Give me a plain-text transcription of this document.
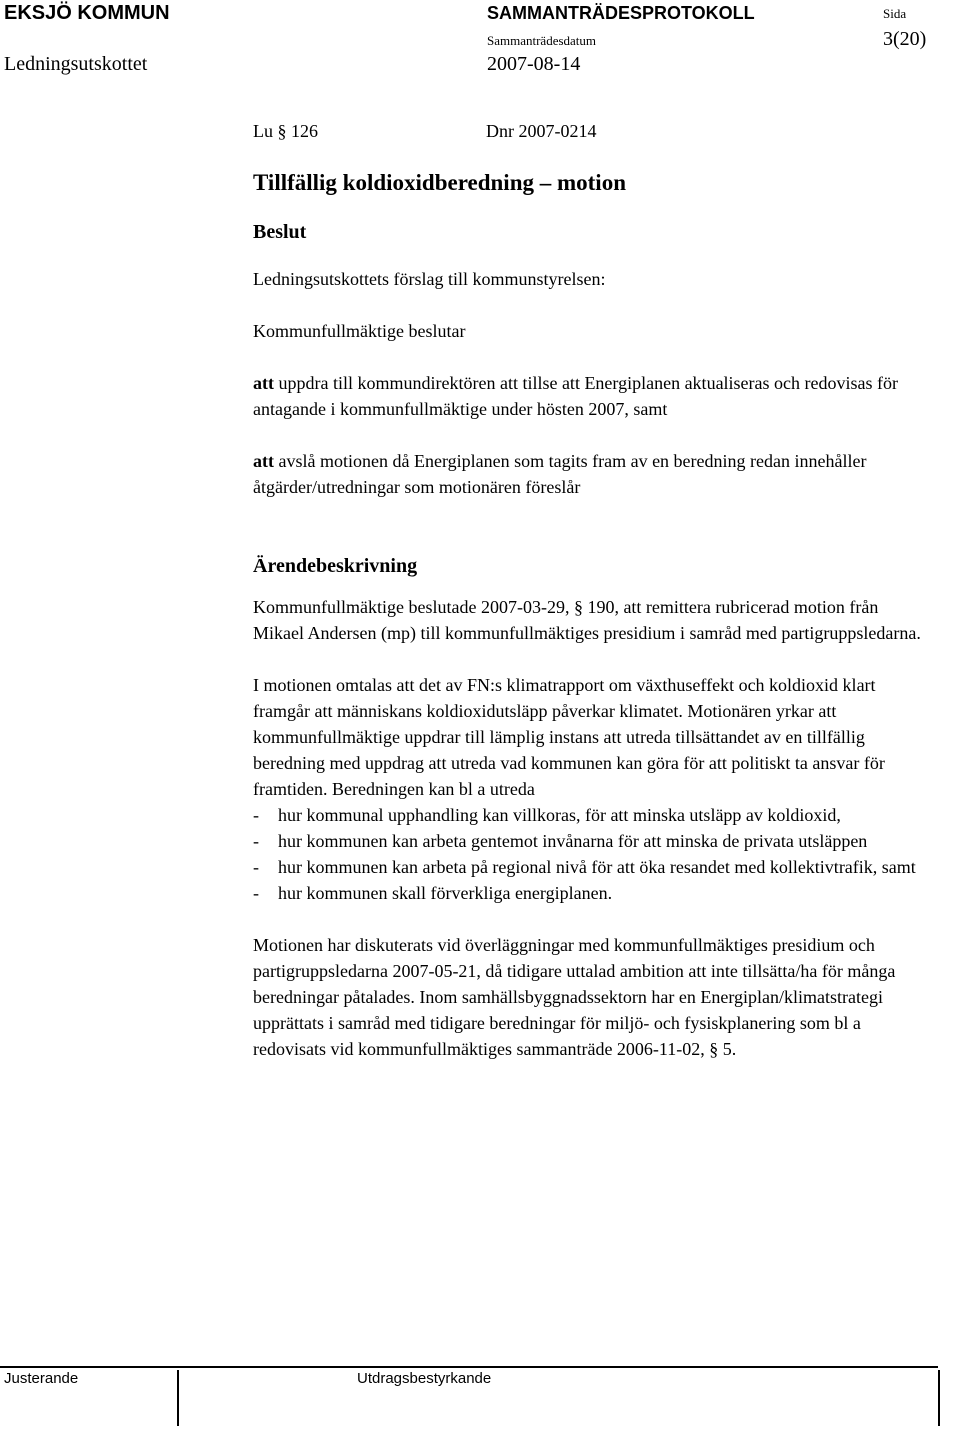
EKSJÖ KOMMUN	SAMMANTRÄDESPROTOKOLL	Sida
3(20)
Ledningsutskottet
Sammanträdesdatum
2007-08-14

Lu § 126	Dnr 2007-0214

Tillfällig koldioxidberedning – motion
Beslut

Ledningsutskottets förslag till kommunstyrelsen:

Kommunfullmäktige beslutar

att uppdra till kommundirektören att tillse att Energiplanen aktualiseras och redovisas för antagande i kommunfullmäktige under hösten 2007, samt

att avslå motionen då Energiplanen som tagits fram av en beredning redan innehåller åtgärder/utredningar som motionären föreslår

Ärendebeskrivning

Kommunfullmäktige beslutade 2007-03-29, § 190, att remittera rubricerad motion från Mikael Andersen (mp) till kommunfullmäktiges presidium i samråd med partigruppsledarna.

I motionen omtalas att det av FN:s klimatrapport om växthuseffekt och koldioxid klart framgår att människans koldioxidutsläpp påverkar klimatet. Motionären yrkar att kommunfullmäktige uppdrar till lämplig instans att utreda tillsättandet av en tillfällig beredning med uppdrag att utreda vad kommunen kan göra för att politiskt ta ansvar för framtiden. Beredningen kan bl a utreda

-	hur kommunal upphandling kan villkoras, för att minska utsläpp av koldioxid,
-	hur kommunen kan arbeta gentemot invånarna för att minska de privata utsläppen
-	hur kommunen kan arbeta på regional nivå för att öka resandet med kollektivtrafik, samt
-	hur kommunen skall förverkliga energiplanen.

Motionen har diskuterats vid överläggningar med kommunfullmäktiges presidium och partigruppsledarna 2007-05-21, då tidigare uttalad ambition att inte tillsätta/ha för många beredningar påtalades. Inom samhällsbyggnadssektorn har en Energiplan/klimatstrategi upprättats i samråd med tidigare beredningar för miljö- och fysiskplanering som bl a redovisats vid kommunfullmäktiges sammanträde 2006-11-02, § 5.

Justerande	Utdragsbestyrkande
